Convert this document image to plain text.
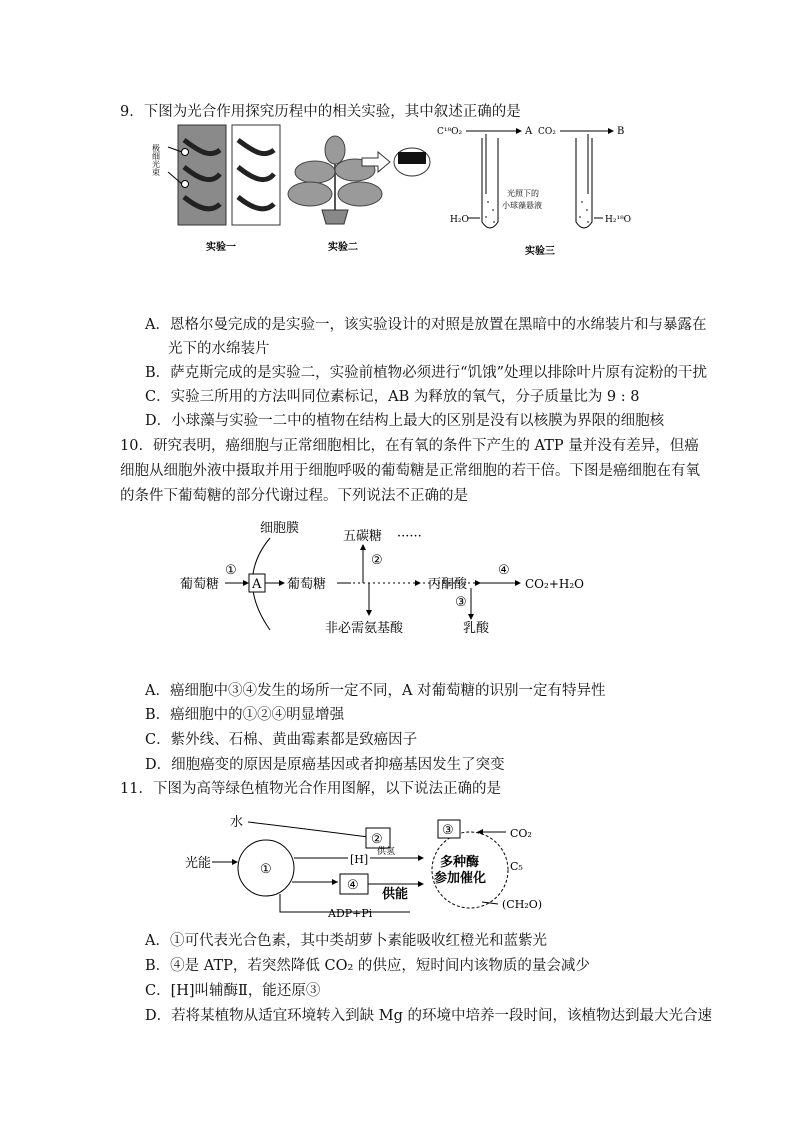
9．下图为光合作用探究历程中的相关实验，其中叙述正确的是
极细光束
实验一	实验二
C¹⁸O₂	A CO₂	B
光照下的
小球藻悬液
H₂O	H₂¹⁸O
实验三
A．恩格尔曼完成的是实验一，该实验设计的对照是放置在黑暗中的水绵装片和与暴露在
光下的水绵装片
B．萨克斯完成的是实验二，实验前植物必须进行“饥饿”处理以排除叶片原有淀粉的干扰
C．实验三所用的方法叫同位素标记，AB 为释放的氧气，分子质量比为 9 : 8
D．小球藻与实验一二中的植物在结构上最大的区别是没有以核膜为界限的细胞核
10．研究表明，癌细胞与正常细胞相比，在有氧的条件下产生的 ATP 量并没有差异，但癌细胞从细胞外液中摄取并用于细胞呼吸的葡萄糖是正常细胞的若干倍。下图是癌细胞在有氧的条件下葡萄糖的部分代谢过程。下列说法不正确的是
细胞膜
葡萄糖
①
A 葡萄糖
五碳糖 ······
②
非必需氨基酸
丙酮酸
④
CO₂+H₂O
③
乳酸
A．癌细胞中③④发生的场所一定不同，A 对葡萄糖的识别一定有特异性
B．癌细胞中的①②④明显增强
C．紫外线、石棉、黄曲霉素都是致癌因子
D．细胞癌变的原因是原癌基因或者抑癌基因发生了突变
11．下图为高等绿色植物光合作用图解，以下说法正确的是
水
①
光能
②
[H]
供氢
④
供能
ADP+Pi
③
多种酶
参加催化
CO₂
C₅
(CH₂O)
A．①可代表光合色素，其中类胡萝卜素能吸收红橙光和蓝紫光
B．④是 ATP，若突然降低 CO₂ 的供应，短时间内该物质的量会减少
C．[H]叫辅酶Ⅱ，能还原③
D．若将某植物从适宜环境转入到缺 Mg 的环境中培养一段时间，该植物达到最大光合速
